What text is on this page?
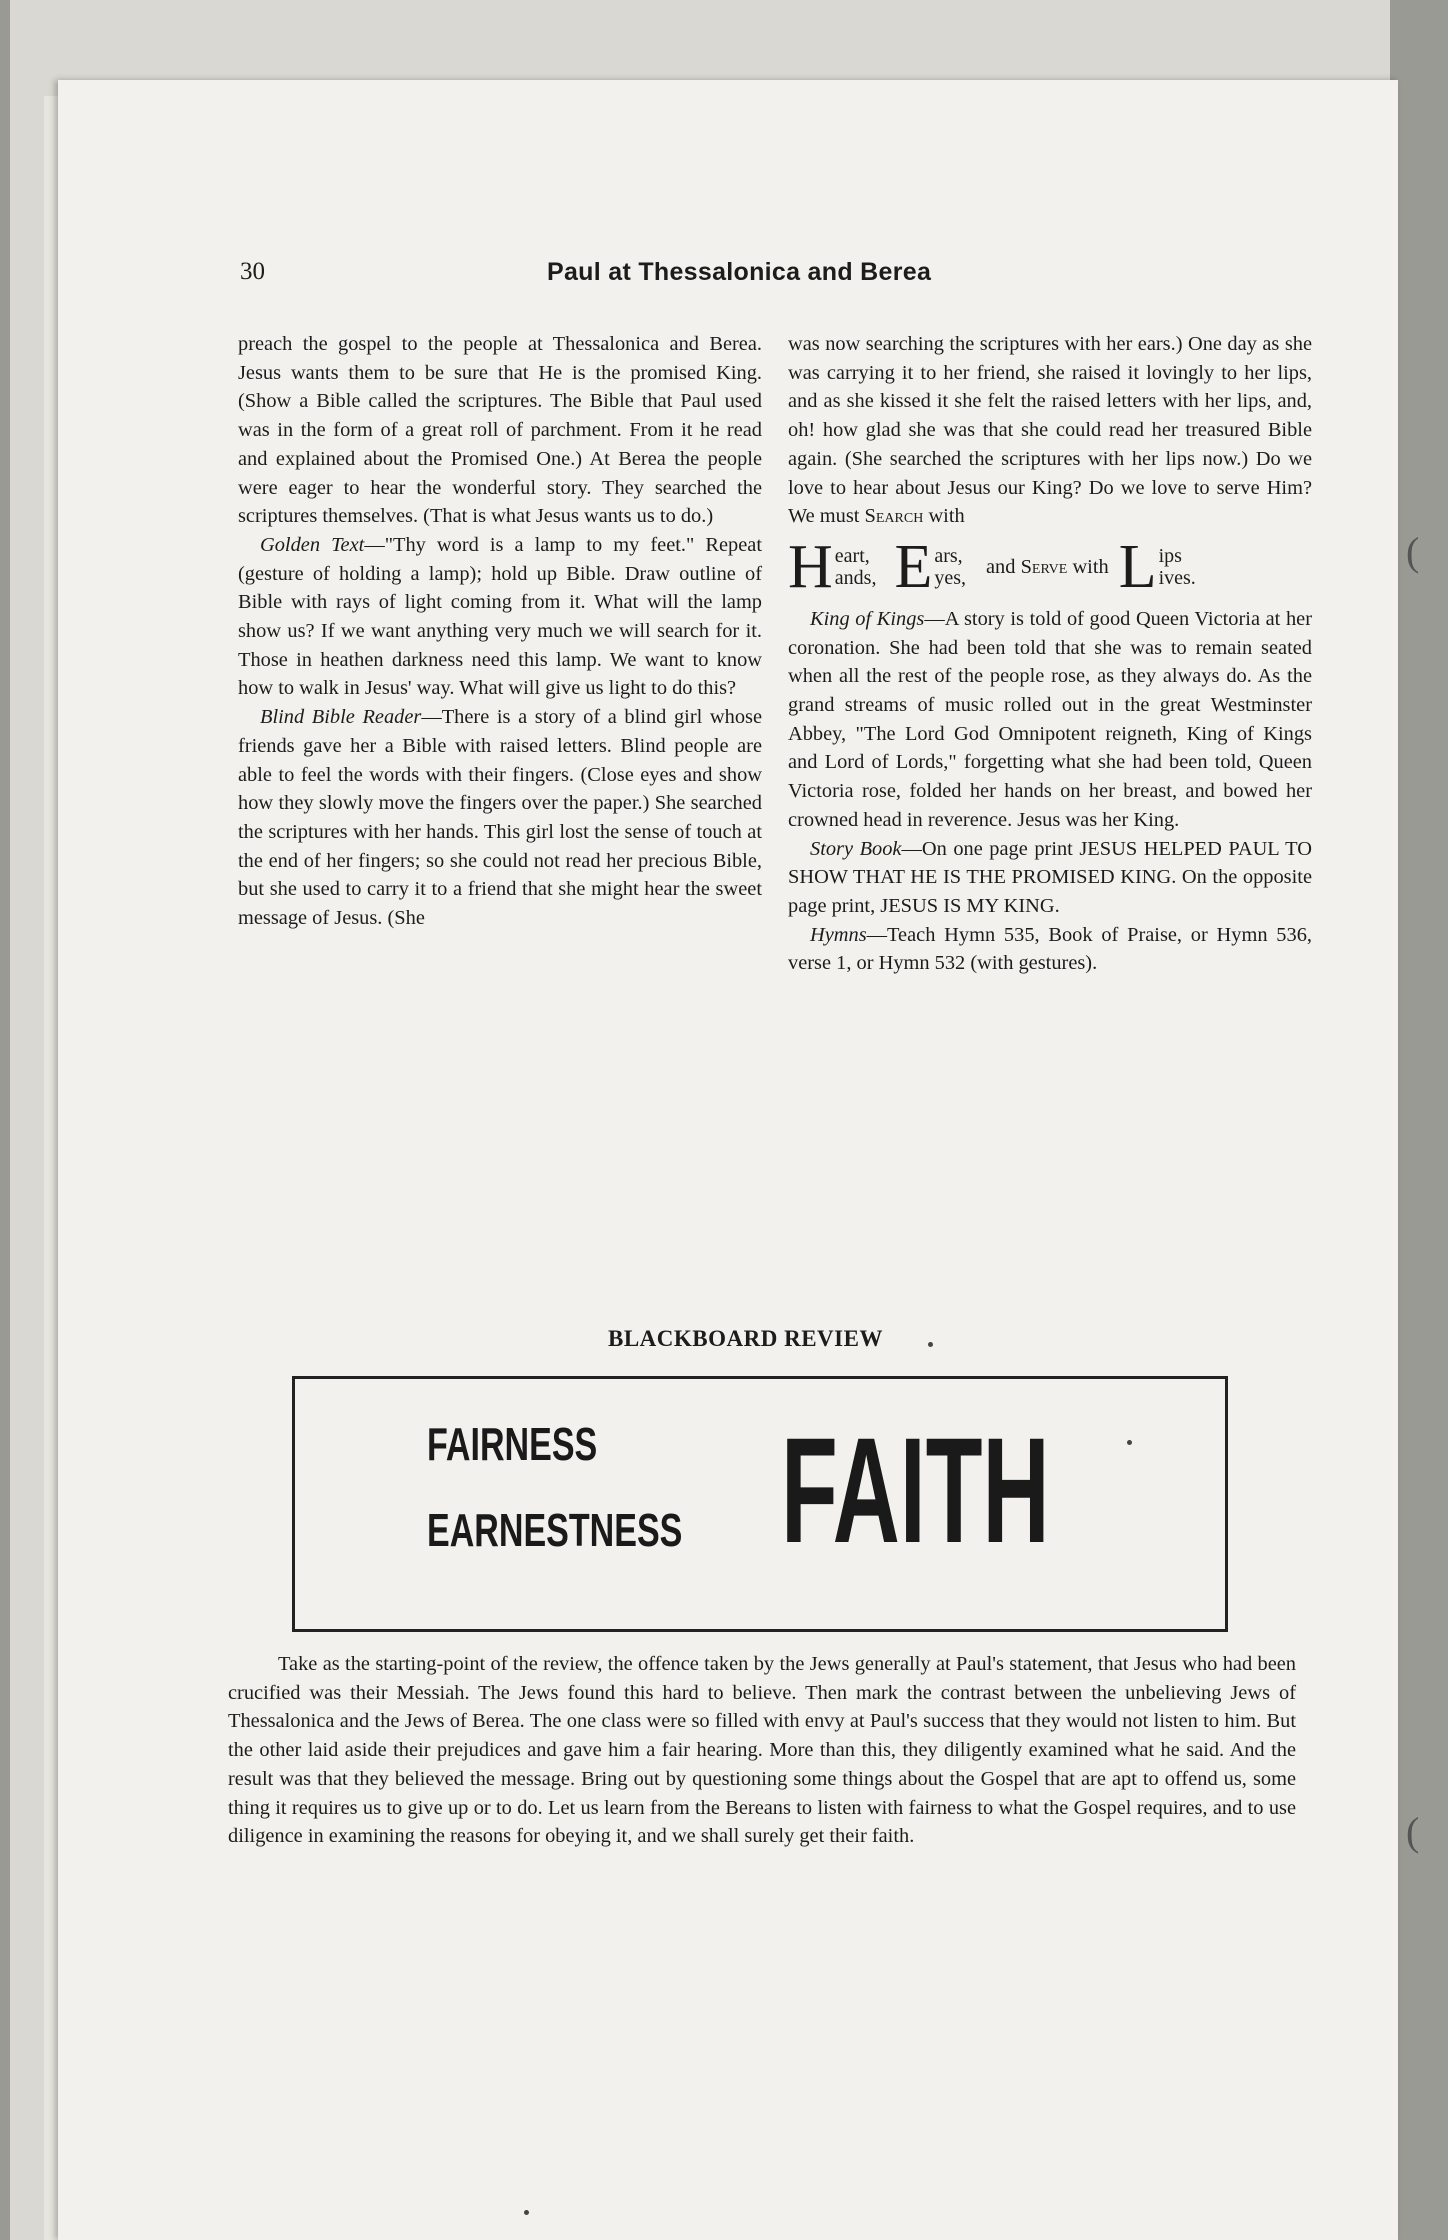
30	Paul at Thessalonica and Berea

preach the gospel to the people at Thessalonica and Berea. Jesus wants them to be sure that He is the promised King. (Show a Bible called the scriptures. The Bible that Paul used was in the form of a great roll of parchment. From it he read and explained about the Promised One.) At Berea the people were eager to hear the wonderful story. They searched the scriptures themselves. (That is what Jesus wants us to do.)

Golden Text—"Thy word is a lamp to my feet." Repeat (gesture of holding a lamp); hold up Bible. Draw outline of Bible with rays of light coming from it. What will the lamp show us? If we want anything very much we will search for it. Those in heathen darkness need this lamp. We want to know how to walk in Jesus' way. What will give us light to do this?

Blind Bible Reader—There is a story of a blind girl whose friends gave her a Bible with raised letters. Blind people are able to feel the words with their fingers. (Close eyes and show how they slowly move the fingers over the paper.) She searched the scriptures with her hands. This girl lost the sense of touch at the end of her fingers; so she could not read her precious Bible, but she used to carry it to a friend that she might hear the sweet message of Jesus. (She

was now searching the scriptures with her ears.) One day as she was carrying it to her friend, she raised it lovingly to her lips, and as she kissed it she felt the raised letters with her lips, and, oh! how glad she was that she could read her treasured Bible again. (She searched the scriptures with her lips now.) Do we love to hear about Jesus our King? Do we love to serve Him? We must Search with

H eart,
ands, E ars,
yes,
and Serve with L ips
ives.

King of Kings—A story is told of good Queen Victoria at her coronation. She had been told that she was to remain seated when all the rest of the people rose, as they always do. As the grand streams of music rolled out in the great Westminster Abbey, "The Lord God Omnipotent reigneth, King of Kings and Lord of Lords," forgetting what she had been told, Queen Victoria rose, folded her hands on her breast, and bowed her crowned head in reverence. Jesus was her King.

Story Book—On one page print JESUS HELPED PAUL TO SHOW THAT HE IS THE PROMISED KING. On the opposite page print, JESUS IS MY KING.

Hymns—Teach Hymn 535, Book of Praise, or Hymn 536, verse 1, or Hymn 532 (with gestures).

BLACKBOARD REVIEW
FAIRNESS
EARNESTNESS FAITH

Take as the starting-point of the review, the offence taken by the Jews generally at Paul's statement, that Jesus who had been crucified was their Messiah. The Jews found this hard to believe. Then mark the contrast between the unbelieving Jews of Thessalonica and the Jews of Berea. The one class were so filled with envy at Paul's success that they would not listen to him. But the other laid aside their prejudices and gave him a fair hearing. More than this, they diligently examined what he said. And the result was that they believed the message. Bring out by questioning some things about the Gospel that are apt to offend us, some thing it requires us to give up or to do. Let us learn from the Bereans to listen with fairness to what the Gospel requires, and to use diligence in examining the reasons for obeying it, and we shall surely get their faith.

(
(
